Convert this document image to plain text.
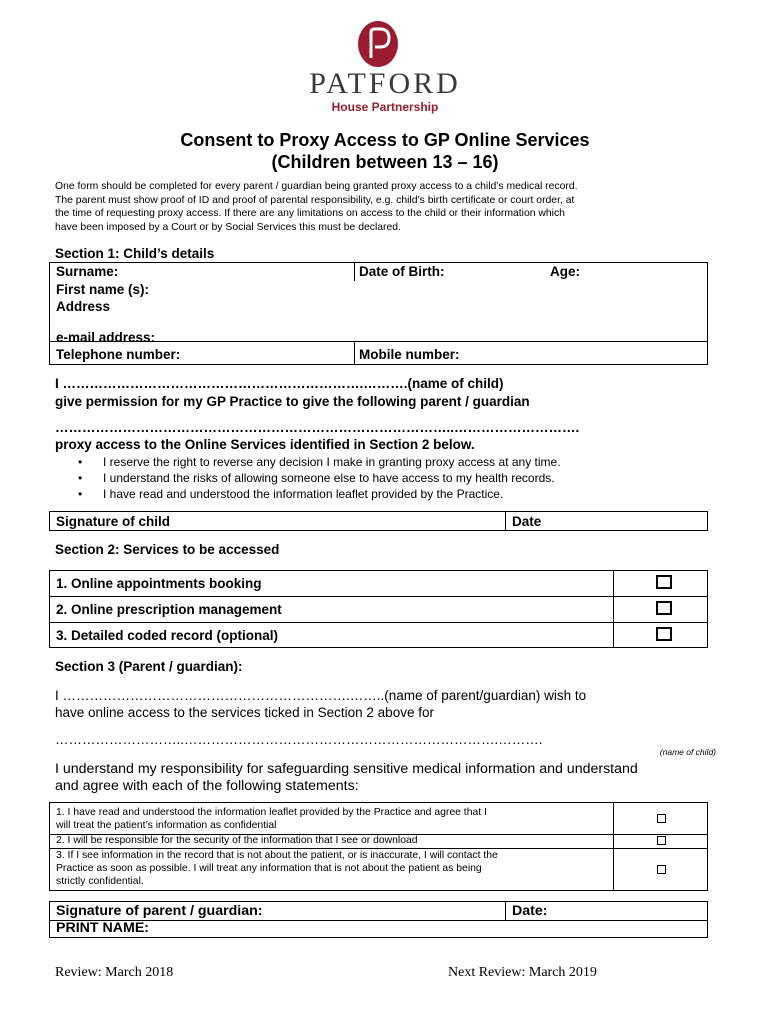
PATFORD
House Partnership
Consent to Proxy Access to GP Online Services
(Children between 13 – 16)
One form should be completed for every parent / guardian being granted proxy access to a child’s medical record.
The parent must show proof of ID and proof of parental responsibility, e.g. child’s birth certificate or court order, at
the time of requesting proxy access. If there are any limitations on access to the child or their information which
have been imposed by a Court or by Social Services this must be declared.
Section 1: Child’s details
Surname:	Date of Birth:	Age:
First name (s):
Address
e-mail address:
Telephone number:	Mobile number:
I ………………………………………………………….……….(name of child)
give permission for my GP Practice to give the following parent / guardian
……………………………………………………………………………..……………………….
proxy access to the Online Services identified in Section 2 below.
• I reserve the right to reverse any decision I make in granting proxy access at any time.
• I understand the risks of allowing someone else to have access to my health records.
• I have read and understood the information leaflet provided by the Practice.
Signature of child	Date
Section 2: Services to be accessed
1. Online appointments booking
2. Online prescription management
3. Detailed coded record (optional)
Section 3 (Parent / guardian):
I ……………………………………………………….……..(name of parent/guardian) wish to
have online access to the services ticked in Section 2 above for
………………………..…………………………………………………………….……….
(name of child)
I understand my responsibility for safeguarding sensitive medical information and understand
and agree with each of the following statements:
1. I have read and understood the information leaflet provided by the Practice and agree that I
will treat the patient’s information as confidential
2. I will be responsible for the security of the information that I see or download
3. If I see information in the record that is not about the patient, or is inaccurate, I will contact the
Practice as soon as possible. I will treat any information that is not about the patient as being
strictly confidential.
Signature of parent / guardian:	Date:
PRINT NAME:
Review: March 2018	Next Review: March 2019
